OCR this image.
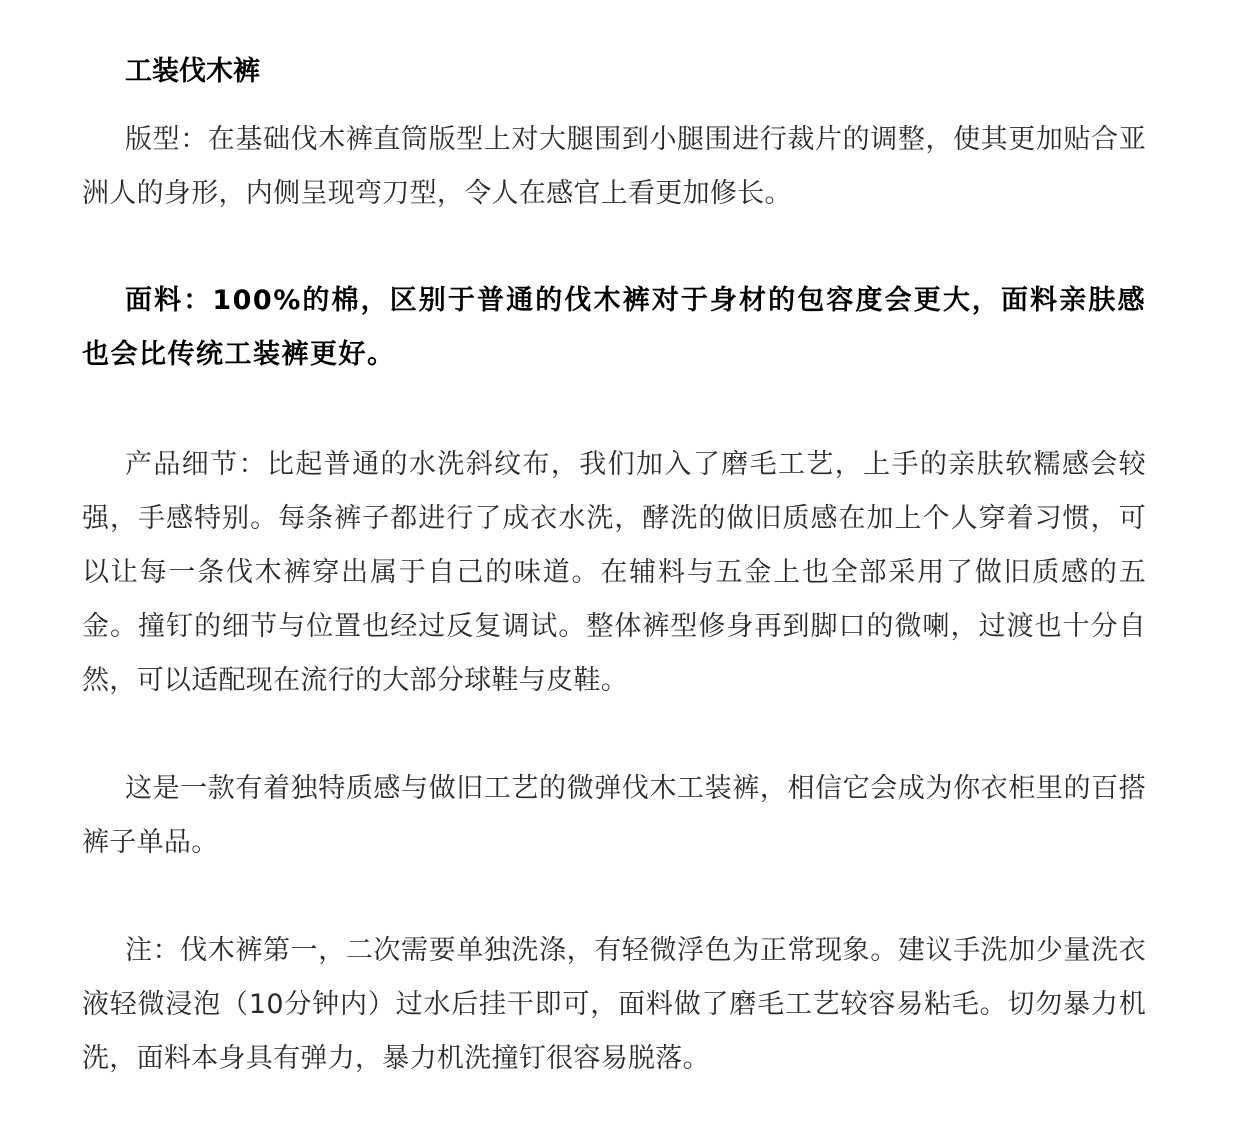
工装伐木裤

版型：在基础伐木裤直筒版型上对大腿围到小腿围进行裁片的调整，使其更加贴合亚洲人的身形，内侧呈现弯刀型，令人在感官上看更加修长。

面料：100%的棉，区别于普通的伐木裤对于身材的包容度会更大，面料亲肤感也会比传统工装裤更好。

产品细节：比起普通的水洗斜纹布，我们加入了磨毛工艺，上手的亲肤软糯感会较强，手感特别。每条裤子都进行了成衣水洗，酵洗的做旧质感在加上个人穿着习惯，可以让每一条伐木裤穿出属于自己的味道。在辅料与五金上也全部采用了做旧质感的五金。撞钉的细节与位置也经过反复调试。整体裤型修身再到脚口的微喇，过渡也十分自然，可以适配现在流行的大部分球鞋与皮鞋。

这是一款有着独特质感与做旧工艺的微弹伐木工装裤，相信它会成为你衣柜里的百搭裤子单品。

注：伐木裤第一，二次需要单独洗涤，有轻微浮色为正常现象。建议手洗加少量洗衣液轻微浸泡（10分钟内）过水后挂干即可，面料做了磨毛工艺较容易粘毛。切勿暴力机洗，面料本身具有弹力，暴力机洗撞钉很容易脱落。
